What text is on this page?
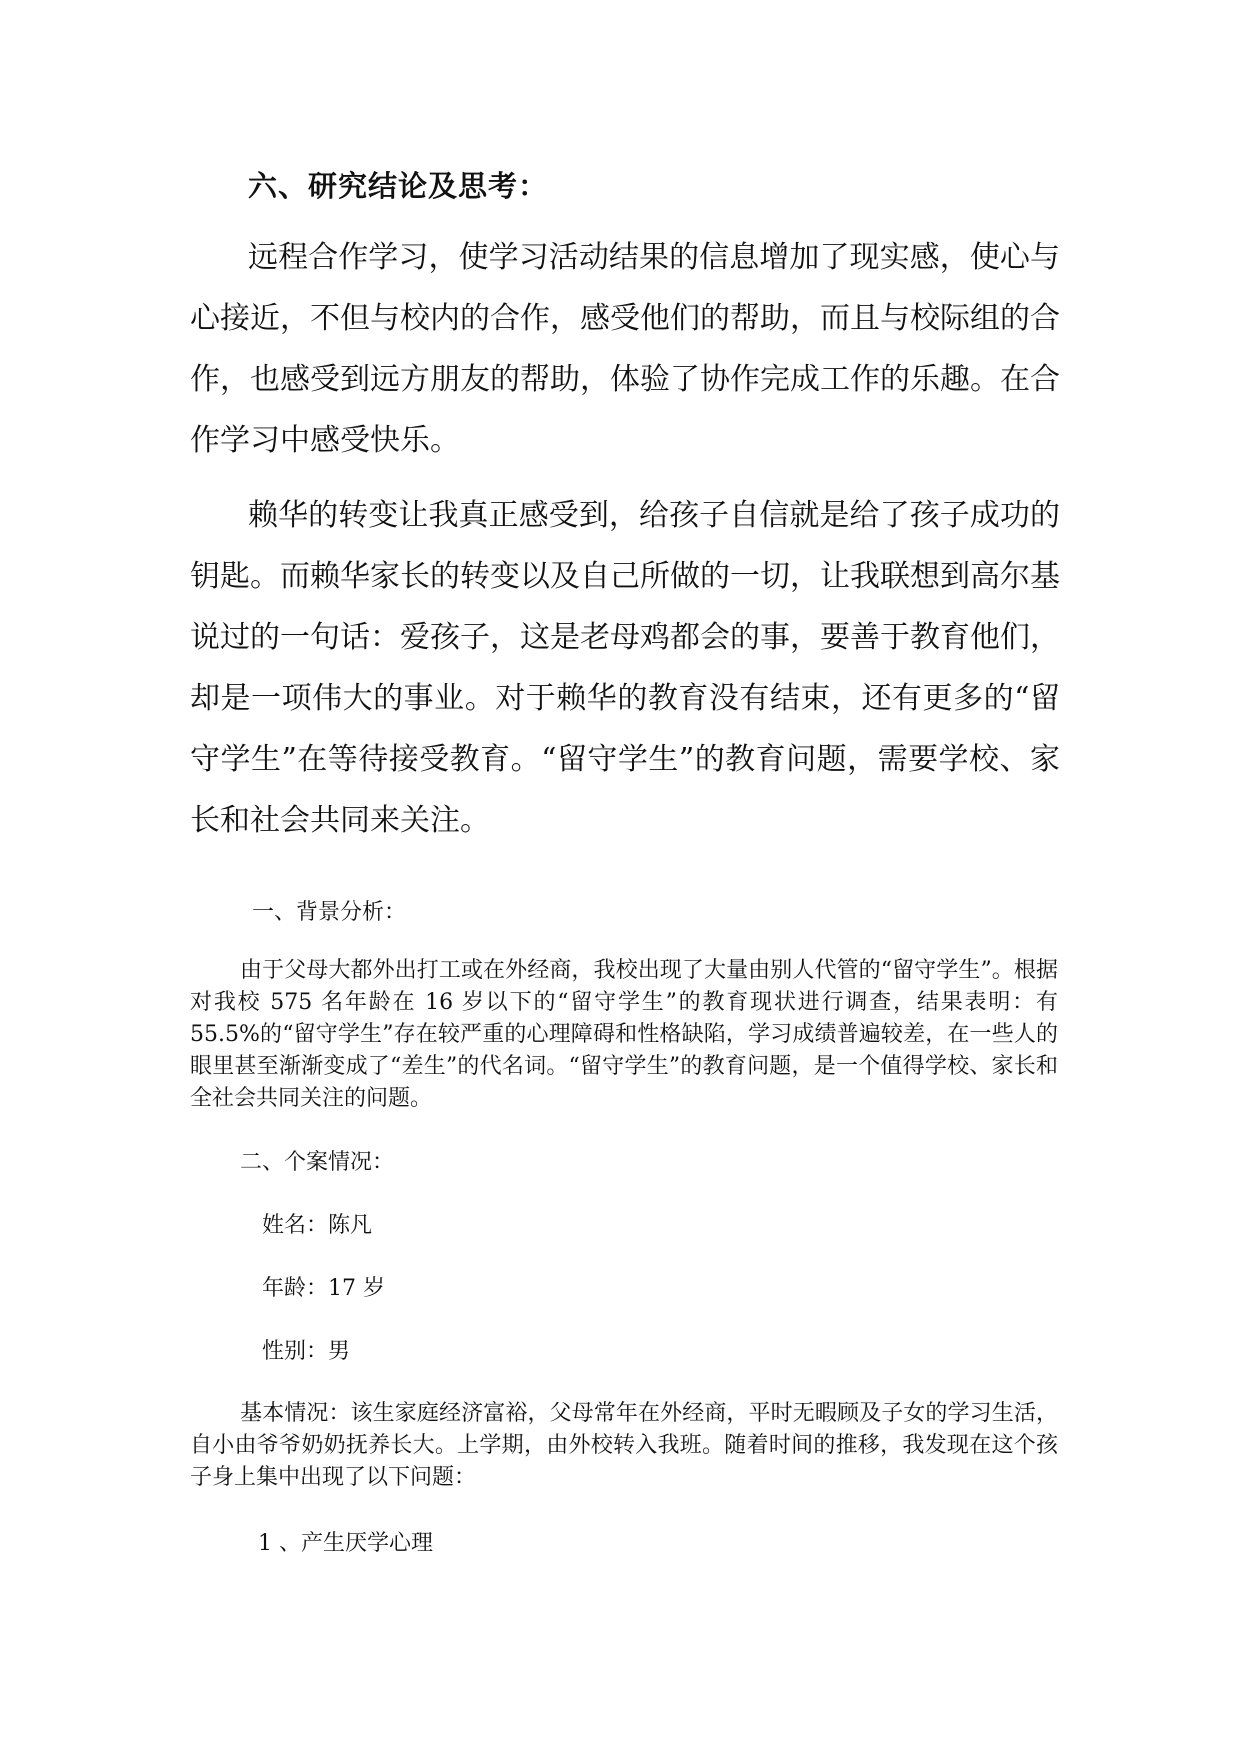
六、研究结论及思考：

远程合作学习，使学习活动结果的信息增加了现实感，使心与心接近，不但与校内的合作，感受他们的帮助，而且与校际组的合作，也感受到远方朋友的帮助，体验了协作完成工作的乐趣。在合作学习中感受快乐。

赖华的转变让我真正感受到，给孩子自信就是给了孩子成功的钥匙。而赖华家长的转变以及自己所做的一切，让我联想到高尔基说过的一句话：爱孩子，这是老母鸡都会的事，要善于教育他们，却是一项伟大的事业。对于赖华的教育没有结束，还有更多的“留守学生”在等待接受教育。“留守学生”的教育问题，需要学校、家长和社会共同来关注。

一、背景分析：

由于父母大都外出打工或在外经商，我校出现了大量由别人代管的“留守学生”。根据对我校 575 名年龄在 16 岁以下的“留守学生”的教育现状进行调查，结果表明：有 55.5%的“留守学生”存在较严重的心理障碍和性格缺陷，学习成绩普遍较差，在一些人的眼里甚至渐渐变成了“差生”的代名词。“留守学生”的教育问题，是一个值得学校、家长和全社会共同关注的问题。

二、个案情况：

姓名：陈凡

年龄：17 岁

性别：男

基本情况：该生家庭经济富裕，父母常年在外经商，平时无暇顾及子女的学习生活，自小由爷爷奶奶抚养长大。上学期，由外校转入我班。随着时间的推移，我发现在这个孩子身上集中出现了以下问题：

1 、产生厌学心理
